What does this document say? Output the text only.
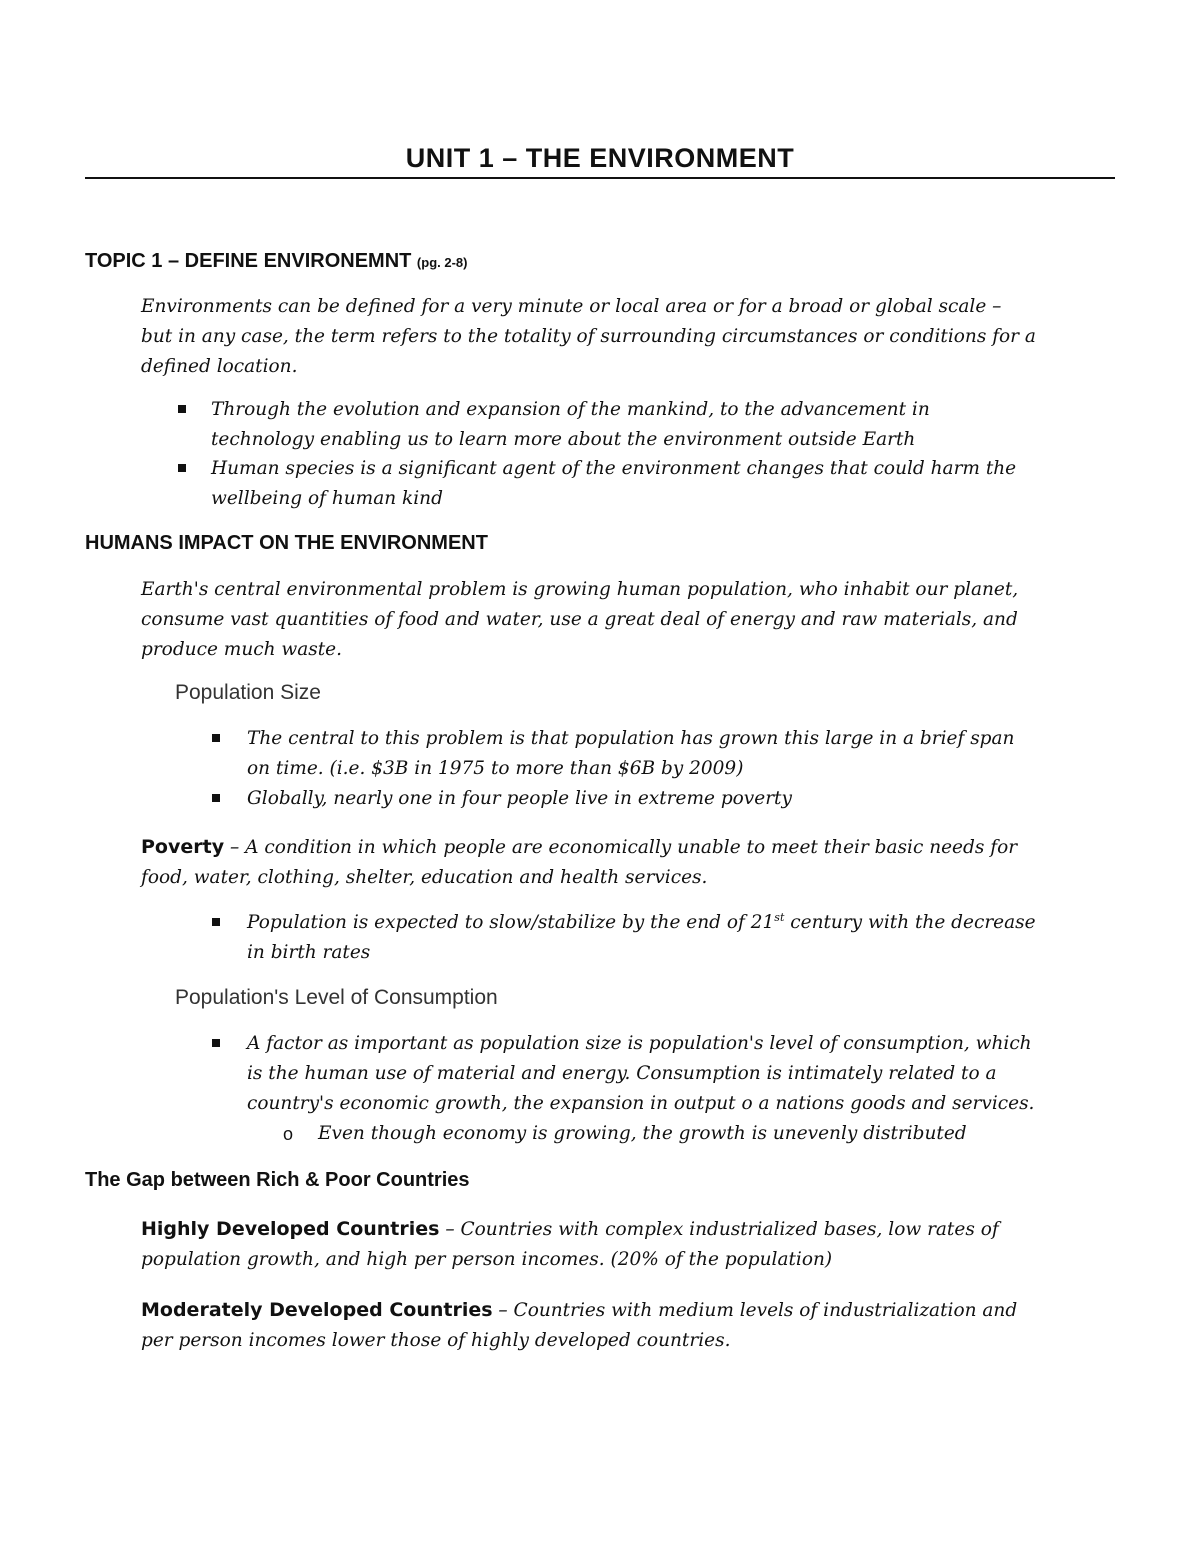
UNIT 1 – THE ENVIRONMENT
TOPIC 1 – DEFINE ENVIRONEMNT (pg. 2-8)
Environments can be defined for a very minute or local area or for a broad or global scale –
but in any case, the term refers to the totality of surrounding circumstances or conditions for a
defined location.
Through the evolution and expansion of the mankind, to the advancement in
technology enabling us to learn more about the environment outside Earth
Human species is a significant agent of the environment changes that could harm the
wellbeing of human kind
HUMANS IMPACT ON THE ENVIRONMENT
Earth's central environmental problem is growing human population, who inhabit our planet,
consume vast quantities of food and water, use a great deal of energy and raw materials, and
produce much waste.
Population Size
The central to this problem is that population has grown this large in a brief span
on time. (i.e. $3B in 1975 to more than $6B by 2009)
Globally, nearly one in four people live in extreme poverty
Poverty – A condition in which people are economically unable to meet their basic needs for
food, water, clothing, shelter, education and health services.
Population is expected to slow/stabilize by the end of 21st century with the decrease
in birth rates
Population's Level of Consumption
A factor as important as population size is population's level of consumption, which
is the human use of material and energy. Consumption is intimately related to a
country's economic growth, the expansion in output o a nations goods and services.
o Even though economy is growing, the growth is unevenly distributed
The Gap between Rich & Poor Countries
Highly Developed Countries – Countries with complex industrialized bases, low rates of
population growth, and high per person incomes. (20% of the population)
Moderately Developed Countries – Countries with medium levels of industrialization and
per person incomes lower those of highly developed countries.
